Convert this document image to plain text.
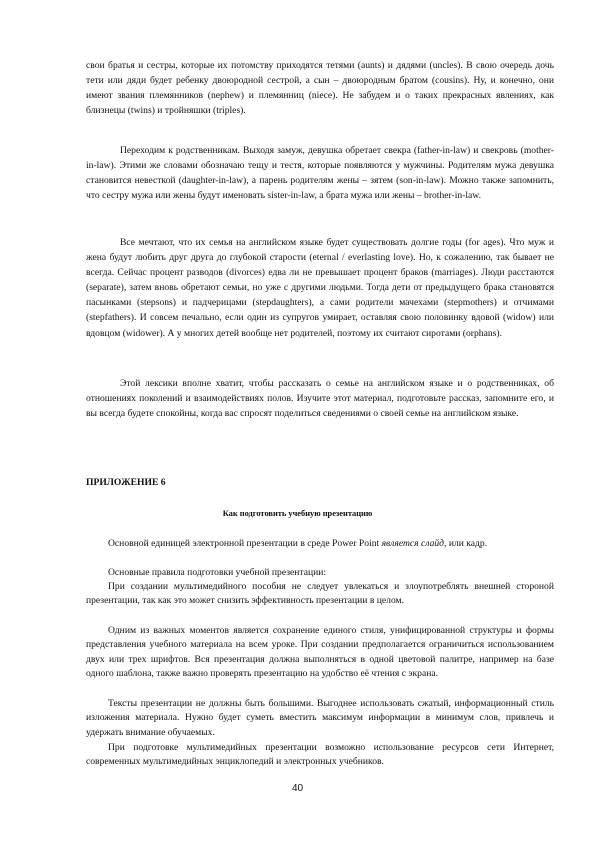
свои братья и сестры, которые их потомству приходятся тетями (aunts) и дядями (uncles). В свою очередь дочь тети или дяди будет ребенку двоюродной сестрой, а сын – двоюродным братом (cousins). Ну, и конечно, они имеют звания племянников (nephew) и племянниц (niece). Не забудем и о таких прекрасных явлениях, как близнецы (twins) и тройняшки (triples).

Переходим к родственникам. Выходя замуж, девушка обретает свекра (father-in-law) и свекровь (mother-in-law). Этими же словами обозначаю тещу и тестя, которые появляются у мужчины. Родителям мужа девушка становится невесткой (daughter-in-law), а парень родителям жены – зятем (son-in-law). Можно также запомнить, что сестру мужа или жены будут именовать sister-in-law, а брата мужа или жены – brother-in-law.

Все мечтают, что их семья на английском языке будет существовать долгие годы (for ages). Что муж и жена будут любить друг друга до глубокой старости (eternal / everlasting love). Но, к сожалению, так бывает не всегда. Сейчас процент разводов (divorces) едва ли не превышает процент браков (marriages). Люди расстаются (separate), затем вновь обретают семьи, но уже с другими людьми. Тогда дети от предыдущего брака становятся пасынками (stepsons) и падчерицами (stepdaughters), а сами родители мачехами (stepmothers) и отчимами (stepfathers). И совсем печально, если один из супругов умирает, оставляя свою половинку вдовой (widow) или вдовцом (widower). А у многих детей вообще нет родителей, поэтому их считают сиротами (orphans).

Этой лексики вполне хватит, чтобы рассказать о семье на английском языке и о родственниках, об отношениях поколений и взаимодействиях полов. Изучите этот материал, подготовьте рассказ, запомните его, и вы всегда будете спокойны, когда вас спросят поделиться сведениями о своей семье на английском языке.

ПРИЛОЖЕНИЕ 6

Как подготовить учебную презентацию

Основной единицей электронной презентации в среде Power Point является слайд, или кадр.

Основные правила подготовки учебной презентации:

При создании мультимедийного пособия не следует увлекаться и злоупотреблять внешней стороной презентации, так как это может снизить эффективность презентации в целом.

Одним из важных моментов является сохранение единого стиля, унифицированной структуры и формы представления учебного материала на всем уроке. При создании предполагается ограничиться использованием двух или трех шрифтов. Вся презентация должна выполняться в одной цветовой палитре, например на базе одного шаблона, также важно проверять презентацию на удобство её чтения с экрана.

Тексты презентации не должны быть большими. Выгоднее использовать сжатый, информационный стиль изложения материала. Нужно будет суметь вместить максимум информации в минимум слов, привлечь и удержать внимание обучаемых.

При подготовке мультимедийных презентации возможно использование ресурсов сети Интернет, современных мультимедийных энциклопедий и электронных учебников.

40
